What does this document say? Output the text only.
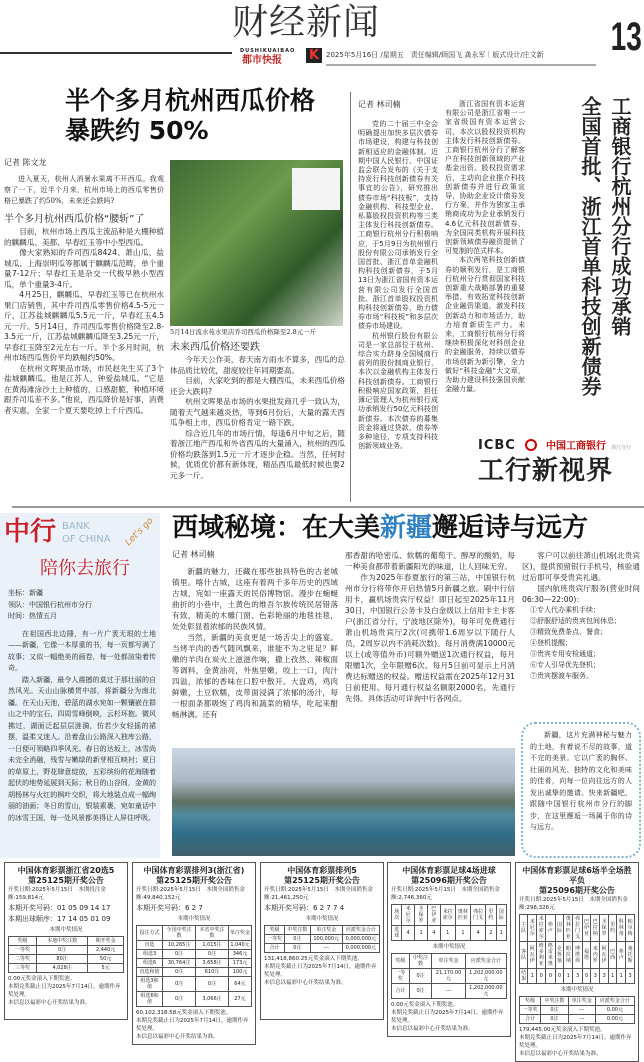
财经新闻
DUSHIKUAIBAO
都市快报 K 2025年5月16日 /星期五　责任编辑/顾国飞 龚永军｜版式设计/庄文新 13
半个多月杭州西瓜价格
暴跌约 50%
记者 陈文龙

进入夏天，杭州人消暑水果离不开西瓜。我观察了一下，近半个月来，杭州市场上的西瓜零售价格已暴跌了约50%，未来还会跌吗?

半个多月杭州西瓜价格“腰斩”了

目前，杭州市场上西瓜主流品种是大棚种植的麒麟瓜、美都、早春红玉等中小型西瓜。

像大家熟知的乔司西瓜8424、萧山瓜、盐城瓜、上海崇明瓜等都属于麒麟瓜范畴，单个重量7-12斤；早春红玉是杂交一代极早熟小型西瓜，单个重量3-4斤。

4月25日，麒麟瓜、早春红玉等已在杭州水果门店销售，其中乔司西瓜零售价格4.5-5元一斤，江苏盐城麒麟瓜5.5元一斤，早春红玉4.5元一斤。5月14日，乔司西瓜零售价格降至2.8-3.5元一斤，江苏盐城麒麟瓜降至3.25元一斤，早春红玉降至2元左右一斤。半个多月时间，杭州市场西瓜售价平均跌幅约50%。

在杭州文晖果品市场，市民赵先生买了3个盐城麒麟瓜。他是江苏人，钟爱盐城瓜。“它是在黄海滩涂沙土上种植的，口感甜脆，种植环境跟乔司瓜差不多。”他说，西瓜降价是好事，消费者实惠，全家一个夏天要吃掉上千斤西瓜。

5月14日流水苑水果店乔司西瓜价格降至2.8元一斤

未来西瓜价格还要跌

今年天公作美，春天南方雨水不算多，西瓜的总体品质比较优，甜度较往年同期要高。

目前，大家吃到的都是大棚西瓜，未来西瓜价格还会大跌吗?

杭州文晖果品市场的水果批发商几乎一致认为，随着天气越来越炎热，等到6月份后，大量的露天西瓜争相上市，西瓜价格肯定一路下跌。

综合近几年的市场行情，每逢6月中旬之后，随着浙江地产西瓜和外省西瓜的大量涌入，杭州的西瓜价格均跌落到1.5元一斤才逐步企稳。当然，任何时候，优质优价都有新体现，精品西瓜最低时候也要2元多一斤。

记者 林司楠

党的二十届三中全会明确提出加快多层次债券市场建设，构建与科技创新相适应的金融体制。近期中国人民银行、中国证监会联合发布的《关于支持发行科技创新债券有关事宜的公告》，研究推出债券市场“科技板”，支持金融机构、科技型企业、私募股权投资机构等三类主体发行科技创新债券。工商银行杭州分行积极响应，于5月9日为杭州银行股份有限公司承销发行全国首批、浙江首单金融机构科技创新债券，于5月13日为浙江省国有资本运营有限公司发行全国首批、浙江首单股权投资机构科技创新债券，助力债券市场“科技板”和多层次债券市场建设。

杭州银行股份有限公司是一家总部位于杭州、综合实力跻身全国城商行前列的股份制商业银行，本次以金融机构主体发行科技创新债券。工商银行积极响应国家政策，担任簿记管理人为杭州银行成功承销发行50亿元科技创新债券。本次债券的募集资金将通过贷款、债券等多种途径，专项支持科技创新领域业务。

浙江省国有资本运营有限公司是浙江省唯一一家省级国有资本运营公司，本次以股权投资机构主体发行科技创新债券。工商银行杭州分行了解客户在科技创新领域的产业基金出资、股权投资需求后，主动向企业推介科技创新债券并进行政策宣导，协助企业设计债券发行方案，并作为独家主承销商成功为企业承销发行4.6亿元科技创新债券，为全国同类机构开展科技创新领域债券融资提供了可复制的范式样本。

本次两笔科技创新债券的顺利发行，是工商银行杭州分行贯彻国家科技创新重大战略部署的重要举措，有效拓宽科技创新企业融资渠道，激发科技创新动力和市场活力，助力培育新质生产力。未来，工商银行杭州分行将继续积极深化对科创企业的金融服务，持续以债券市场创新为新引擎，全力做好“科技金融”大文章，为助力建设科技强国贡献金融力量。

工商银行杭州分行成功承销
全国首批、浙江首单科技创新债券
ICBC	中国工商银行 浙江分行
工行新视界
中行 BANK
OF CHINA Let's go
陪你去旅行
坐标：新疆
领队：中国银行杭州市分行
时间：热情五月

在祖国西北边陲，有一片广袤无垠的土地——新疆，它像一本厚重的书，每一页都写满了故事；又似一幅绝美的画卷，每一处都渲染着传奇。

踏入新疆，最令人震撼的莫过于那壮丽的自然风光。天山山脉横贯中部，将新疆分为南北疆。在天山天池，碧蓝的湖水宛如一颗镶嵌在群山之中的宝石，四周雪峰倒映，云杉环抱。微风拂过，湖面泛起层层涟漪，仿若少女轻摇的裙摆，温柔又迷人。沿着盘山公路深入独库公路，一日便可领略四季风光。春日的达坂上，冰雪尚未完全消融，残雪与嫩绿的新芽相互映衬；夏日的草原上，野花肆意绽放，五彩缤纷的花海随着起伏的地势延展到天际；秋日的山谷间，金黄的胡杨林与火红的枫叶交织，将大地装点成一幅绚丽的油画；冬日的雪山，银装素裹，宛如童话中的冰雪王国，每一处风景都美得让人屏住呼吸。

西域秘境：在大美新疆邂逅诗与远方
记者 林司楠

新疆的魅力，还藏在那些独具特色的古老城镇里。喀什古城，这座有着两千多年历史的西域古城，宛如一座露天的民俗博物馆。漫步在蜿蜒曲折的小巷中，土黄色的维吾尔族传统民居错落有致，精美的木雕门窗、色彩艳丽的地毯挂毯，处处彰显着浓郁的民族风情。

当然，新疆的美食更是一场舌尖上的盛宴。当烤羊肉的香气随风飘来，谁能不为之驻足？鲜嫩的羊肉在炭火上滋滋作响，撒上孜然、辣椒面等调料，金黄油亮，外焦里嫩，咬上一口，肉汁四溢，浓郁的香味在口腔中散开。大盘鸡，鸡肉鲜嫩，土豆软糯，皮带面浸满了浓郁的汤汁，每一根面条都吸饱了鸡肉和蔬菜的精华，吃起来酣畅淋漓。还有

那香甜的哈密瓜、软糯的葡萄干、醇厚的酸奶，每一种美食都带着新疆阳光的味道，让人回味无穷。

作为2025年春夏旅行的第三站，中国银行杭州市分行将带你开启热情5月新疆之旅。刷中行信用卡，赢机场贵宾厅权益！即日起至2025年11月30日，中国银行公务卡及白金级以上信用卡主卡客户(浙江省分行，宁波地区除外)，每年可免费通行萧山机场贵宾厅2次(可携带1.6周岁以下随行人员，2周岁以内不消耗次数)。每月消费满10000元以上(或等值外币)可额外赠送1次通行权益，每月限赠1次，全年限赠6次。每月5日前可显示上月消费达标赠送的权益。赠送权益需在2025年12月31日前使用。每月通行权益名额限2000名，先通行先得。具体活动可详询中行各网点。

客户可以前往萧山机场(北贵宾区)，提供预留银行手机号，核验通过后即可享受贵宾礼遇。

国内航班贵宾厅服务(营业时间06:30—22:00)：

①专人代办乘机手续；
②舒服舒适的贵宾包间休息；
③精致免费茶点、餐食；
④登机提醒；
⑤贵宾专用安检通道；
⑥专人引导优先登机；
⑦贵宾摆渡车服务。

新疆，这片充满神秘与魅力的土地，有着说不尽的故事，道不完的美景。它以广袤的胸怀、壮丽的风光、独特的文化和美味的佳肴，向每一位向往远方的人发出诚挚的邀请。快来新疆吧，跟随中国银行杭州市分行的脚步，在这里邂逅一场属于你的诗与远方。

中国体育彩票浙江省20选5
第25125期开奖公告
开奖日期:2025年5月15日　本期投注金额:159,814元
本期开奖号码：01 05 09 14 17
本期出球顺序：17 14 05 01 09
本期中奖情况
奖级	本地中奖注数	期开奖金
一等奖	0注	2,440元
二等奖	80注	50元
三等奖	4,028注	5元
0.00元奖金滚入下期奖池。
本期兑奖截止日为2025年7月14日，逾期作弃奖处理。
本信息以福彩中心开奖结果为准。
中国体育彩票排列3(浙江省)
第25125期开奖公告
开奖日期:2025年5月15日　本期全国销售金额:49,840,152元
本期开奖号码：6 2 7
本期中奖情况
投注方式	全国中奖注数	本省中奖注数	单注奖金
直选	10,265注	1,015注	1,040元
组选3	0注	0注	346元
组选6	30,764注	3,658注	173元
直选和值	0注	610注	100元
组选3和值	0注	0注	64元
组选6和值	0注	3,066注	27元
60,102,318.58元奖金滚入下期奖池。
本期兑奖截止日为2025年7月14日，逾期作弃奖处理。
本信息以福彩中心开奖结果为准。
中国体育彩票排列5
第25125期开奖公告
开奖日期:2025年5月15日　本期全国销售金额:21,461,250元
本期开奖号码：6 2 7 7 4
本期中奖情况
奖级	中奖注数	单注奖金	应派奖金合计
一等奖	0注	100,000元	0,000,000元
合计	0注	---	0,000,000元
131,418,860.25元奖金滚入下期奖池。
本期兑奖截止日为2025年7月14日，逾期作弃奖处理。
本信息以福彩中心开奖结果为准。
中国体育彩票足球4场进球
第25096期开奖公告
开奖日期:2025年5月15日　本期全国销售金额:2,746,360元
场次	米尼尔	圣保罗	巴伊亚	米拉索尔	奥林匹亚	弗拉门戈	里约	国际
进球	4	1	4	1	1	4	2	1
本期中奖情况
奖级	中奖注数	单注奖金	应派奖金合计
一等奖	0注	21,170.00元	1,202,000.00元
合计	0注	---	1,202,000.00元
0.00元奖金滚入下期奖池。
本期兑奖截止日为2025年7月14日，逾期作弃奖处理。
本信息以福彩中心开奖结果为准。
中国体育彩票足球6场半全场胜平负
第25096期开奖公告
开奖日期:2025年5月15日　本期全国销售金额:298,326元
主队	米尼尔	米拉索尔	弗卢	国际	奥林匹亚	弗拉门戈	巴伊亚	巴拉纳	圣保罗	里约	科林蒂	帕尔梅
客队	阿瓦伊	维多利亚	格雷米奥	克鲁塞	帕拉纳	博塔弗	福塔	米内罗	阿瓦伊	巴西	弗卢	桑托斯
结果	1	0	0	0	1	3	0	3	3	1	1	3
本期中奖情况
奖级	中奖注数	单注奖金	应派奖金合计
一等奖	0注	---	0.00元
合计	0注	---	0.00元
179,445.00元奖金滚入下期奖池。
本期兑奖截止日为2025年7月14日，逾期作弃奖处理。
本信息以福彩中心开奖结果为准。
